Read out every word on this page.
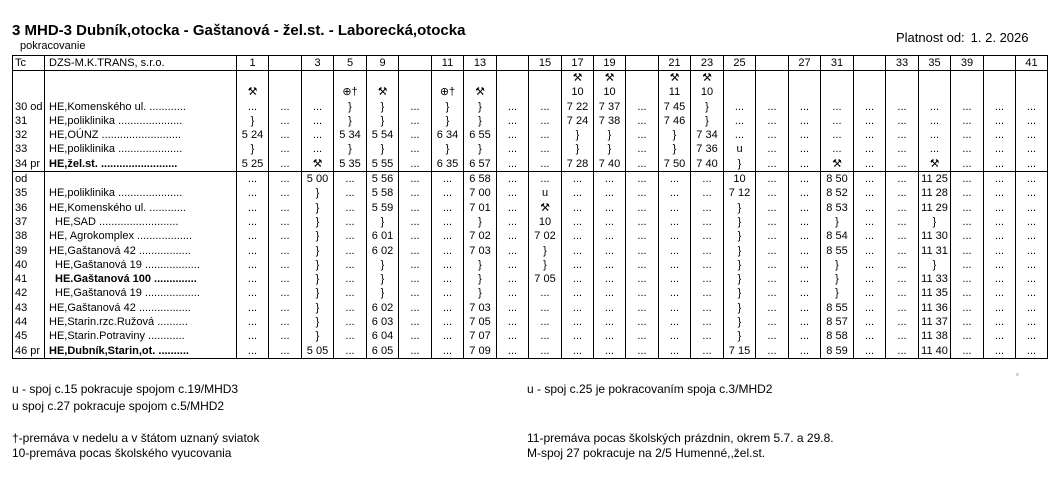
3 MHD-3 Dubník,otocka - Gaštanová - žel.st. - Laborecká,otocka
pokracovanie
Platnost od: 1. 2. 2026
Tc	DZS-M.K.TRANS, s.r.o.	1		3	5	9		11	13		15	17	19		21	23	25		27	31		33	35	39		41
												⚒	⚒		⚒	⚒										
		⚒			⊕†	⚒		⊕†	⚒			10	10		11	10										
30 od	HE,Komenského ul. ............	...	...	...	}	}	...	}	}	...	...	7 22	7 37	...	7 45	}	...	...	...	...	...	...	...	...	...	...
31	HE,poliklinika .....................	}	...	...	}	}	...	}	}	...	...	7 24	7 38	...	7 46	}	...	...	...	...	...	...	...	...	...	...
32	HE,OÚNZ ..........................	5 24	...	...	5 34	5 54	...	6 34	6 55	...	...	}	}	...	}	7 34	...	...	...	...	...	...	...	...	...	...
33	HE,poliklinika .....................	}	...	...	}	}	...	}	}	...	...	}	}	...	}	7 36	u	...	...	...	...	...	...	...	...	...
34 pr	HE,žel.st. .........................	5 25	...	⚒	5 35	5 55	...	6 35	6 57	...	...	7 28	7 40	...	7 50	7 40	}	...	...	⚒	...	...	⚒	...	...	...
od		...	...	5 00	...	5 56	...	...	6 58	...	...	...	...	...	...	...	10	...	...	8 50	...	...	11 25	...	...	...
35	HE,poliklinika .....................	...	...	}	...	5 58	...	...	7 00	...	u	...	...	...	...	...	7 12	...	...	8 52	...	...	11 28	...	...	...
36	HE,Komenského ul. ............	...	...	}	...	5 59	...	...	7 01	...	⚒	...	...	...	...	...	}	...	...	8 53	...	...	11 29	...	...	...
37	HE,SAD ..........................	...	...	}	...	}	...	...	}	...	10	...	...	...	...	...	}	...	...	}	...	...	}	...	...	...
38	HE, Agrokomplex ..................	...	...	}	...	6 01	...	...	7 02	...	7 02	...	...	...	...	...	}	...	...	8 54	...	...	11 30	...	...	...
39	HE,Gaštanová 42 .................	...	...	}	...	6 02	...	...	7 03	...	}	...	...	...	...	...	}	...	...	8 55	...	...	11 31	...	...	...
40	HE,Gaštanová 19 ..................	...	...	}	...	}	...	...	}	...	}	...	...	...	...	...	}	...	...	}	...	...	}	...	...	...
41	HE.Gaštanová 100 ..............	...	...	}	...	}	...	...	}	...	7 05	...	...	...	...	...	}	...	...	}	...	...	11 33	...	...	...
42	HE,Gaštanová 19 ..................	...	...	}	...	}	...	...	}	...	...	...	...	...	...	...	}	...	...	}	...	...	11 35	...	...	...
43	HE,Gaštanová 42 .................	...	...	}	...	6 02	...	...	7 03	...	...	...	...	...	...	...	}	...	...	8 55	...	...	11 36	...	...	...
44	HE,Starin.rzc.Ružová ..........	...	...	}	...	6 03	...	...	7 05	...	...	...	...	...	...	...	}	...	...	8 57	...	...	11 37	...	...	...
45	HE,Starin.Potraviny ............	...	...	}	...	6 04	...	...	7 07	...	...	...	...	...	...	...	}	...	...	8 58	...	...	11 38	...	...	...
46 pr	HE,Dubník,Starin,ot. ..........	...	...	5 05	...	6 05	...	...	7 09	...	...	...	...	...	...	...	7 15	...	...	8 59	...	...	11 40	...	...	...
u - spoj c.15 pokracuje spojom c.19/MHD3
u spoj c.27 pokracuje spojom c.5/MHD2
u - spoj c.25 je pokracovaním spoja c.3/MHD2
†-premáva v nedelu a v štátom uznaný sviatok
10-premáva pocas školského vyucovania
11-premáva pocas školských prázdnin, okrem 5.7. a 29.8.
M-spoj 27 pokracuje na 2/5 Humenné,,žel.st.
©
